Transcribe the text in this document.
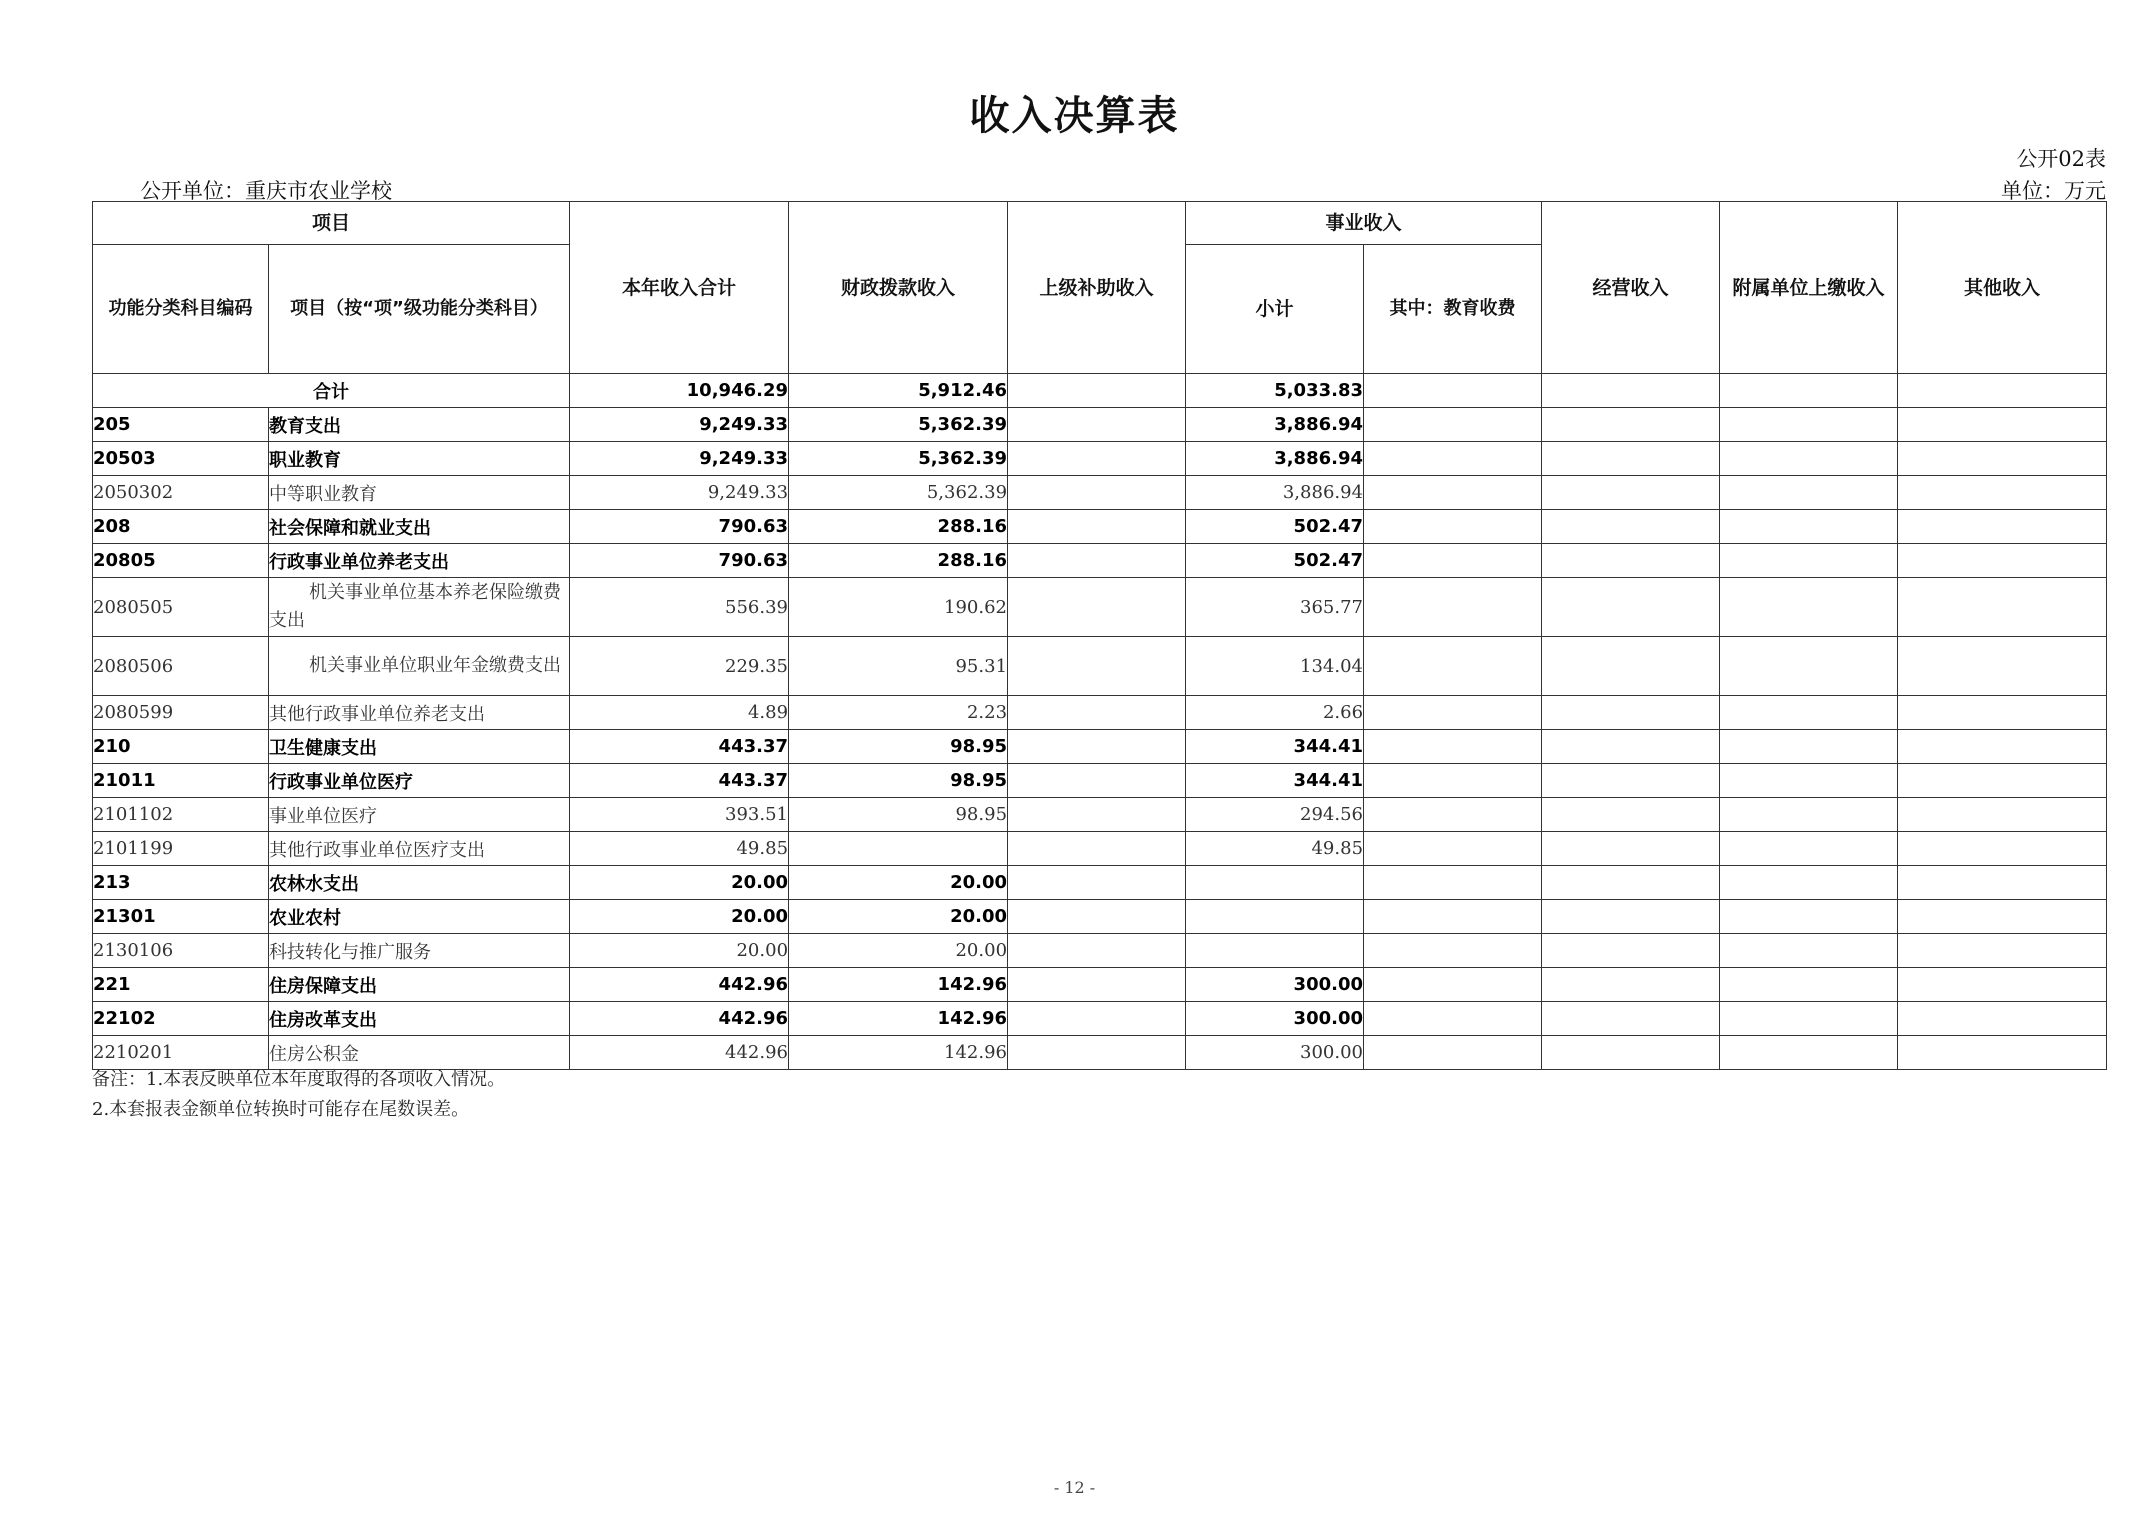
收入决算表
公开02表
公开单位：重庆市农业学校	单位：万元
项目		本年收入合计	财政拨款收入	上级补助收入	事业收入		经营收入	附属单位上缴收入	其他收入
功能分类科目编码	项目（按“项”级功能分类科目）				小计	其中：教育收费			
合计		10,946.29	5,912.46		5,033.83				
205	教育支出	9,249.33	5,362.39		3,886.94				
20503	职业教育	9,249.33	5,362.39		3,886.94				
2050302	中等职业教育	9,249.33	5,362.39		3,886.94				
208	社会保障和就业支出	790.63	288.16		502.47				
20805	行政事业单位养老支出	790.63	288.16		502.47				
2080505	机关事业单位基本养老保险缴费支出	556.39	190.62		365.77				
2080506	机关事业单位职业年金缴费支出	229.35	95.31		134.04				
2080599	其他行政事业单位养老支出	4.89	2.23		2.66				
210	卫生健康支出	443.37	98.95		344.41				
21011	行政事业单位医疗	443.37	98.95		344.41				
2101102	事业单位医疗	393.51	98.95		294.56				
2101199	其他行政事业单位医疗支出	49.85			49.85				
213	农林水支出	20.00	20.00						
21301	农业农村	20.00	20.00						
2130106	科技转化与推广服务	20.00	20.00						
221	住房保障支出	442.96	142.96		300.00				
22102	住房改革支出	442.96	142.96		300.00				
2210201	住房公积金	442.96	142.96		300.00				
备注：1.本表反映单位本年度取得的各项收入情况。
2.本套报表金额单位转换时可能存在尾数误差。
- 12 -
